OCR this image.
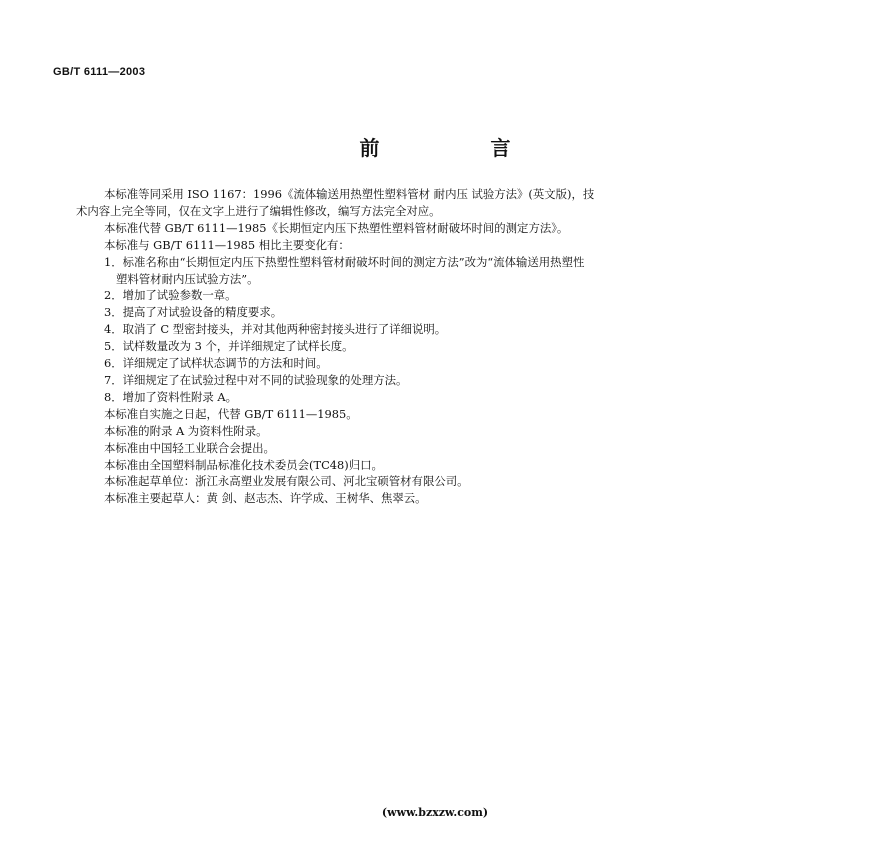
GB/T 6111—2003
前 言

本标准等同采用 ISO 1167：1996《流体输送用热塑性塑料管材 耐内压 试验方法》(英文版)，技

术内容上完全等同，仅在文字上进行了编辑性修改，编写方法完全对应。

本标准代替 GB/T 6111—1985《长期恒定内压下热塑性塑料管材耐破坏时间的测定方法》。

本标准与 GB/T 6111—1985 相比主要变化有：

1．标准名称由“长期恒定内压下热塑性塑料管材耐破坏时间的测定方法”改为“流体输送用热塑性

塑料管材耐内压试验方法”。

2．增加了试验参数一章。

3．提高了对试验设备的精度要求。

4．取消了 C 型密封接头，并对其他两种密封接头进行了详细说明。

5．试样数量改为 3 个，并详细规定了试样长度。

6．详细规定了试样状态调节的方法和时间。

7．详细规定了在试验过程中对不同的试验现象的处理方法。

8．增加了资料性附录 A。

本标准自实施之日起，代替 GB/T 6111—1985。

本标准的附录 A 为资料性附录。

本标准由中国轻工业联合会提出。

本标准由全国塑料制品标准化技术委员会(TC48)归口。

本标准起草单位：浙江永高塑业发展有限公司、河北宝硕管材有限公司。

本标准主要起草人：黄 剑、赵志杰、许学成、王树华、焦翠云。

(www.bzxzw.com)
